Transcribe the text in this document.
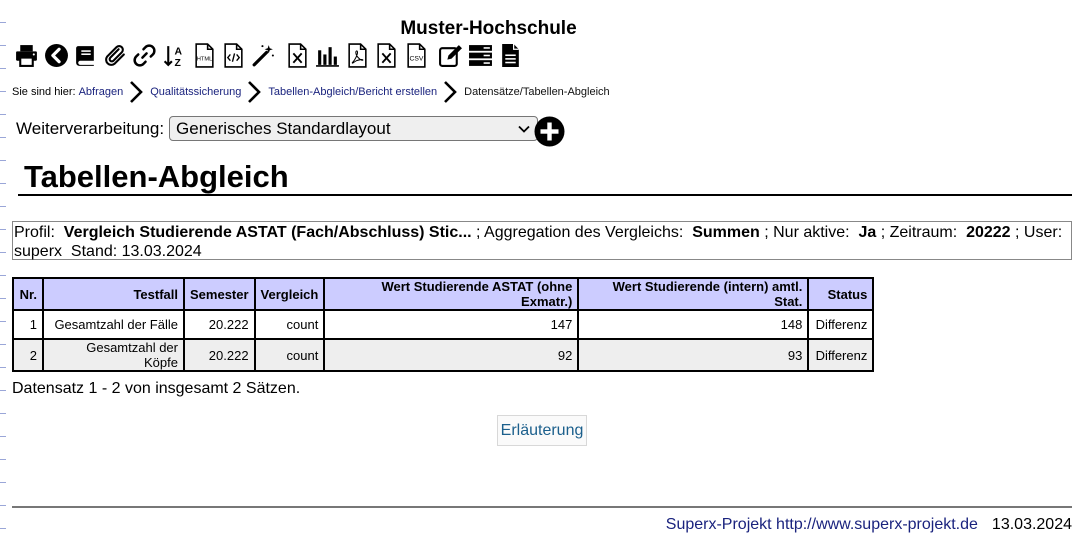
Muster-Hochschule
A
Z	HTML	CSV
Sie sind hier: Abfragen Qualitätssicherung Tabellen-Abgleich/Bericht erstellen Datensätze/Tabellen-Abgleich
Weiterverarbeitung: Generisches Standardlayout
Tabellen-Abgleich
Profil: Vergleich Studierende ASTAT (Fach/Abschluss) Stic... ; Aggregation des Vergleichs: Summen ; Nur aktive: Ja ; Zeitraum: 20222 ; User: superx Stand: 13.03.2024
Nr.	Testfall	Semester	Vergleich	Wert Studierende ASTAT (ohne Exmatr.)	Wert Studierende (intern) amtl. Stat.	Status
1	Gesamtzahl der Fälle	20.222	count	147	148	Differenz
2	Gesamtzahl der Köpfe	20.222	count	92	93	Differenz
Datensatz 1 - 2 von insgesamt 2 Sätzen.
Erläuterung
Superx-Projekt http://www.superx-projekt.de 13.03.2024
